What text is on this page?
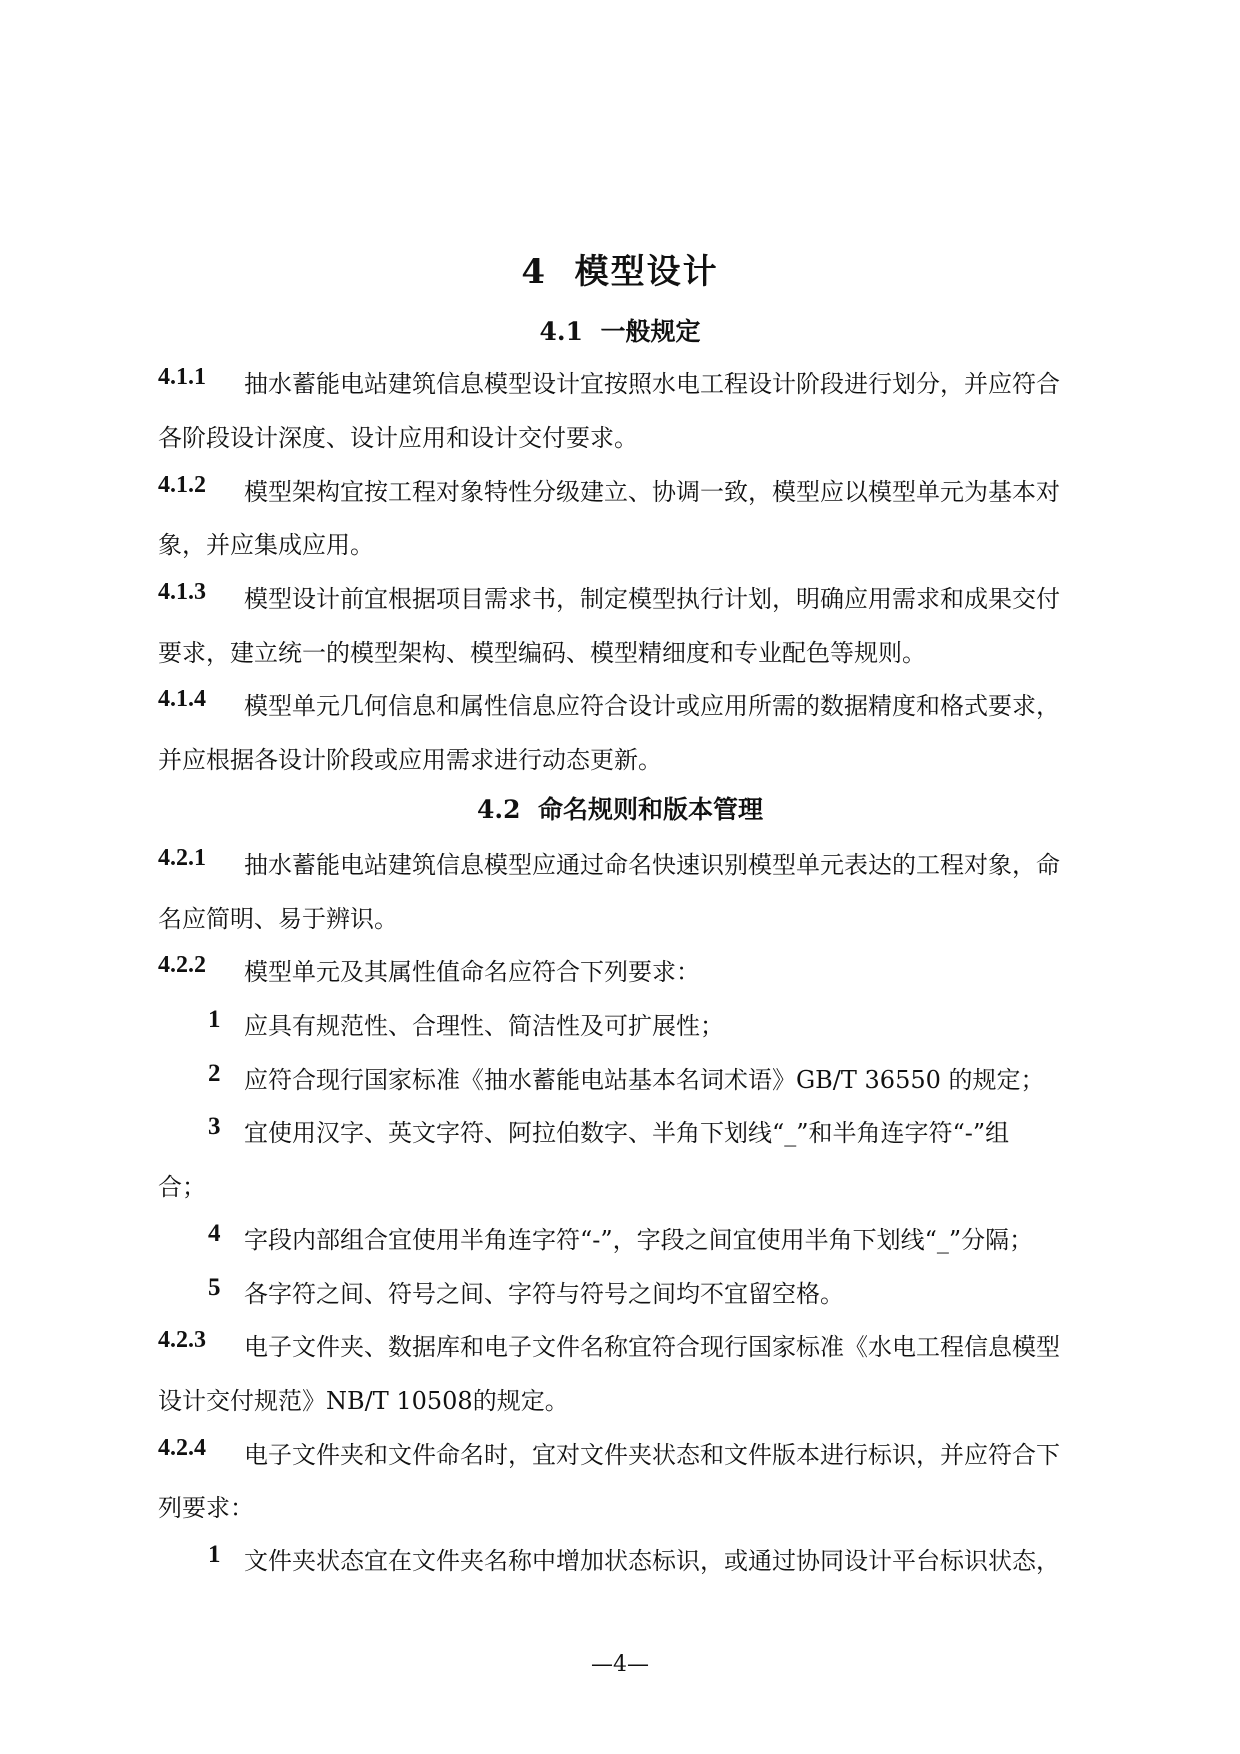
4 模型设计
4.1 一般规定
4.1.1 抽水蓄能电站建筑信息模型设计宜按照水电工程设计阶段进行划分，并应符合
各阶段设计深度、设计应用和设计交付要求。
4.1.2 模型架构宜按工程对象特性分级建立、协调一致，模型应以模型单元为基本对
象，并应集成应用。
4.1.3 模型设计前宜根据项目需求书，制定模型执行计划，明确应用需求和成果交付
要求，建立统一的模型架构、模型编码、模型精细度和专业配色等规则。
4.1.4 模型单元几何信息和属性信息应符合设计或应用所需的数据精度和格式要求，
并应根据各设计阶段或应用需求进行动态更新。
4.2 命名规则和版本管理
4.2.1 抽水蓄能电站建筑信息模型应通过命名快速识别模型单元表达的工程对象，命
名应简明、易于辨识。
4.2.2 模型单元及其属性值命名应符合下列要求：
1 应具有规范性、合理性、简洁性及可扩展性；
2 应符合现行国家标准《抽水蓄能电站基本名词术语》GB/T 36550 的规定；
3 宜使用汉字、英文字符、阿拉伯数字、半角下划线“_”和半角连字符“-”组
合；
4 字段内部组合宜使用半角连字符“-”，字段之间宜使用半角下划线“_”分隔；
5 各字符之间、符号之间、字符与符号之间均不宜留空格。
4.2.3 电子文件夹、数据库和电子文件名称宜符合现行国家标准《水电工程信息模型
设计交付规范》NB/T 10508的规定。
4.2.4 电子文件夹和文件命名时，宜对文件夹状态和文件版本进行标识，并应符合下
列要求：
1 文件夹状态宜在文件夹名称中增加状态标识，或通过协同设计平台标识状态，
—4—
